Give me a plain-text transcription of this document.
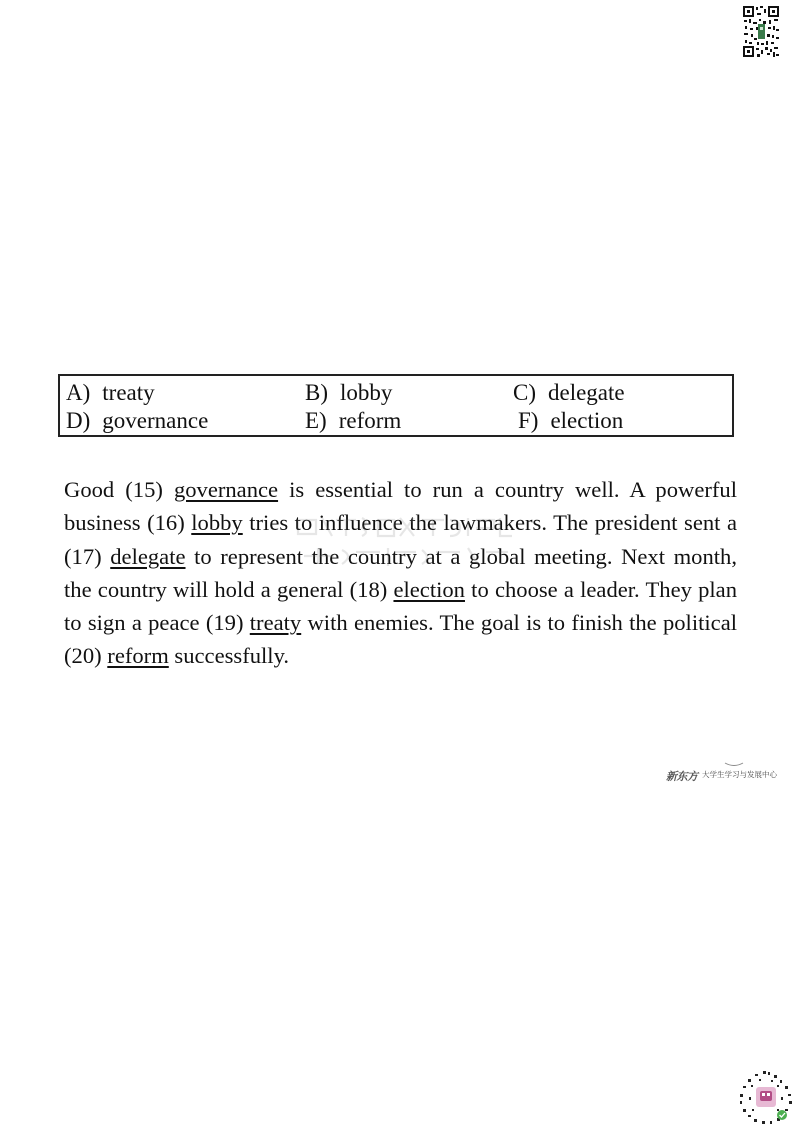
A) treaty	B) lobby	C) delegate
D) governance	E) reform	F) election

Good (15) governance is essential to run a country well. A powerful business (16) lobby tries to influence the lawmakers. The president sent a (17) delegate to represent the country at a global meeting. Next month, the country will hold a general (18) election to choose a leader. They plan to sign a peace (19) treaty with enemies. The goal is to finish the political (20) reform successfully.

新东方 大学生学习与发展中心
